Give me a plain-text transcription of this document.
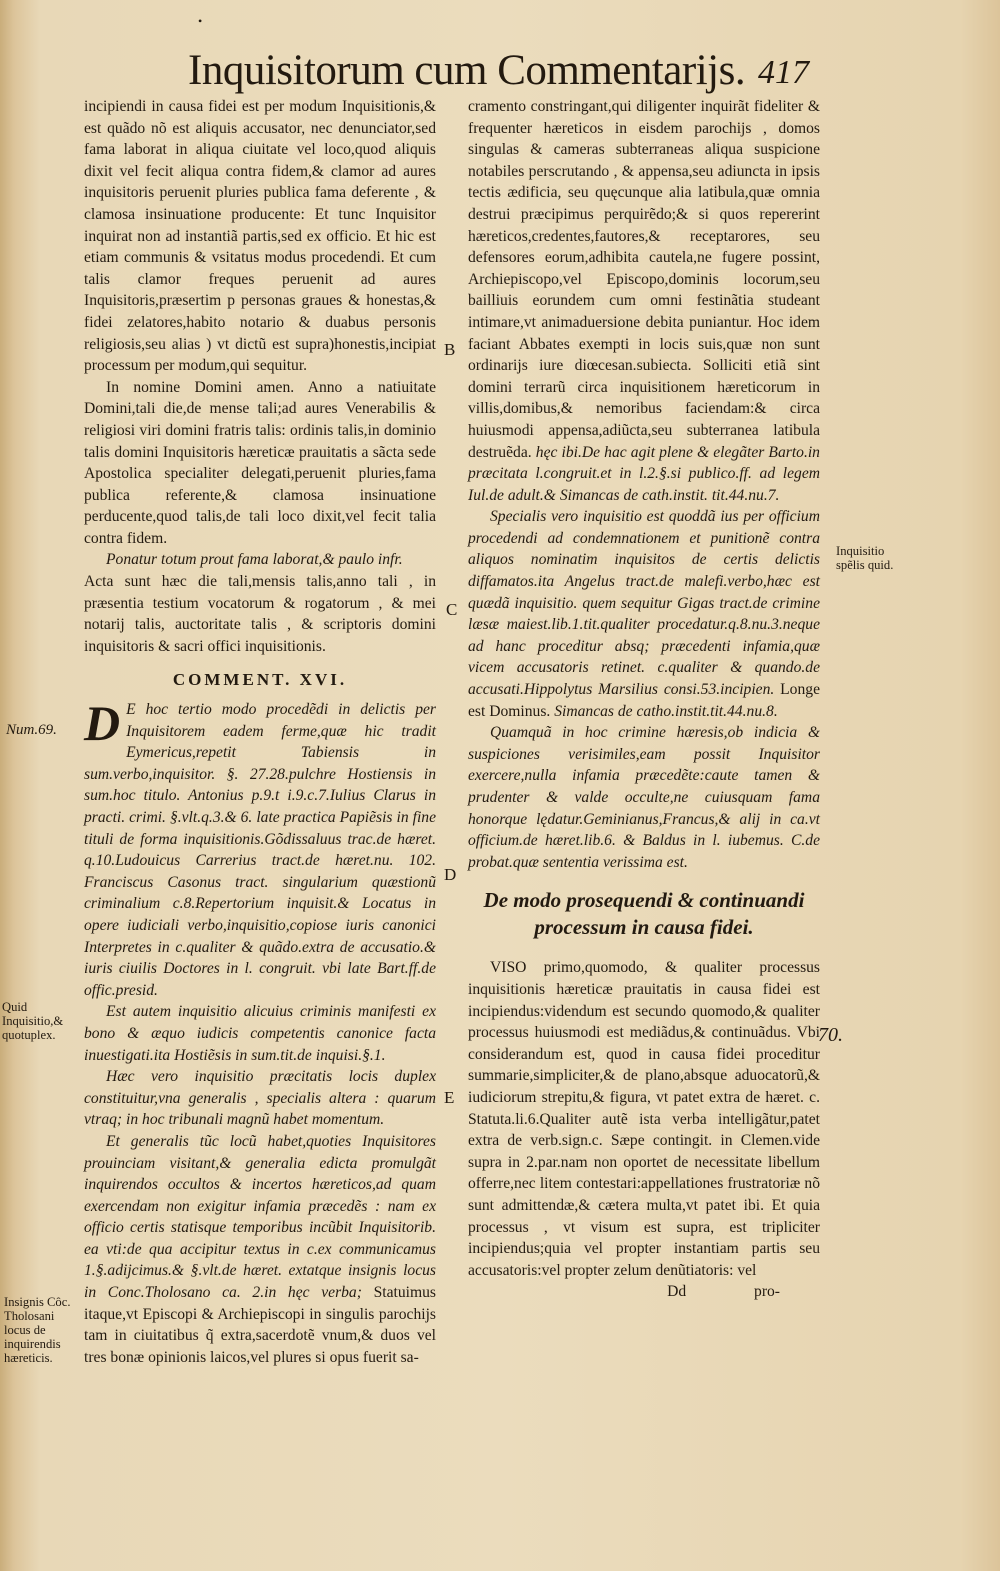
Inquisitorum cum Commentarijs. 417
•

incipiendi in causa fidei est per modum Inquisitionis,& est quãdo nõ est aliquis accusator, nec denunciator,sed fama laborat in aliqua ciuitate vel loco,quod aliquis dixit vel fecit aliqua contra fidem,& clamor ad aures inquisitoris peruenit pluries publica fama deferente , & clamosa insinuatione producente: Et tunc Inquisitor inquirat non ad instantiã partis,sed ex officio. Et hic est etiam communis & vsitatus modus procedendi. Et cum talis clamor freques peruenit ad aures Inquisitoris,præsertim p personas graues & honestas,& fidei zelatores,habito notario & duabus personis religiosis,seu alias ) vt dictũ est supra)honestis,incipiat processum per modum,qui sequitur.

In nomine Domini amen. Anno a natiuitate Domini,tali die,de mense tali;ad aures Venerabilis & religiosi viri domini fratris talis: ordinis talis,in dominio talis domini Inquisitoris hæreticæ prauitatis a sãcta sede Apostolica specialiter delegati,peruenit pluries,fama publica referente,& clamosa insinuatione perducente,quod talis,de tali loco dixit,vel fecit talia contra fidem.

Ponatur totum prout fama laborat,& paulo infr.

Acta sunt hæc die tali,mensis talis,anno tali , in præsentia testium vocatorum & rogatorum , & mei notarij talis, auctoritate talis , & scriptoris domini inquisitoris & sacri offici inquisitionis.

COMMENT. XVI.

D E hoc tertio modo procedẽdi in delictis per Inquisitorem eadem ferme,quæ hic tradit Eymericus,repetit Tabiensis in sum.verbo,inquisitor. §. 27.28.pulchre Hostiensis in sum.hoc titulo. Antonius p.9.t i.9.c.7.Iulius Clarus in practi. crimi. §.vlt.q.3.& 6. late practica Papiẽsis in fine tituli de forma inquisitionis.Gõdissaluus trac.de hæret. q.10.Ludouicus Carrerius tract.de hæret.nu. 102. Franciscus Casonus tract. singularium quæstionũ criminalium c.8.Repertorium inquisit.& Locatus in opere iudiciali verbo,inquisitio,copiose iuris canonici Interpretes in c.qualiter & quãdo.extra de accusatio.& iuris ciuilis Doctores in l. congruit. vbi late Bart.ff.de offic.presid.

Est autem inquisitio alicuius criminis manifesti ex bono & æquo iudicis competentis canonice facta inuestigati.ita Hostiẽsis in sum.tit.de inquisi.§.1.

Hæc vero inquisitio præcitatis locis duplex constituitur,vna generalis , specialis altera : quarum vtraq; in hoc tribunali magnũ habet momentum.

Et generalis tũc locũ habet,quoties Inquisitores prouinciam visitant,& generalia edicta promulgãt inquirendos occultos & incertos hæreticos,ad quam exercendam non exigitur infamia præcedẽs : nam ex officio certis statisque temporibus incũbit Inquisitorib. ea vti:de qua accipitur textus in c.ex communicamus 1.§.adijcimus.& §.vlt.de hæret. extatque insignis locus in Conc.Tholosano ca. 2.in hęc verba; Statuimus itaque,vt Episcopi & Archiepiscopi in singulis parochijs tam in ciuitatibus q̃ extra,sacerdotẽ vnum,& duos vel tres bonæ opinionis laicos,vel plures si opus fuerit sa-

cramento constringant,qui diligenter inquirãt fideliter & frequenter hæreticos in eisdem parochijs , domos singulas & cameras subterraneas aliqua suspicione notabiles perscrutando , & appensa,seu adiuncta in ipsis tectis ædificia, seu quęcunque alia latibula,quæ omnia destrui præcipimus perquirẽdo;& si quos repererint hæreticos,credentes,fautores,& receptarores, seu defensores eorum,adhibita cautela,ne fugere possint, Archiepiscopo,vel Episcopo,dominis locorum,seu bailliuis eorundem cum omni festinãtia studeant intimare,vt animaduersione debita puniantur. Hoc idem faciant Abbates exempti in locis suis,quæ non sunt ordinarijs iure diœcesan.subiecta. Solliciti etiã sint domini terrarũ circa inquisitionem hæreticorum in villis,domibus,& nemoribus faciendam:& circa huiusmodi appensa,adiũcta,seu subterranea latibula destruẽda. hęc ibi.De hac agit plene & elegãter Barto.in præcitata l.congruit.et in l.2.§.si publico.ff. ad legem Iul.de adult.& Simancas de cath.instit. tit.44.nu.7.

Specialis vero inquisitio est quoddã ius per officium procedendi ad condemnationem et punitionẽ contra aliquos nominatim inquisitos de certis delictis diffamatos.ita Angelus tract.de malefi.verbo,hæc est quædã inquisitio. quem sequitur Gigas tract.de crimine læsæ maiest.lib.1.tit.qualiter procedatur.q.8.nu.3.neque ad hanc proceditur absq; præcedenti infamia,quæ vicem accusatoris retinet. c.qualiter & quando.de accusati.Hippolytus Marsilius consi.53.incipien. Longe est Dominus. Simancas de catho.instit.tit.44.nu.8.

Quamquã in hoc crimine hæresis,ob indicia & suspiciones verisimiles,eam possit Inquisitor exercere,nulla infamia præcedẽte:caute tamen & prudenter & valde occulte,ne cuiusquam fama honorque lędatur.Geminianus,Francus,& alij in ca.vt officium.de hæret.lib.6. & Baldus in l. iubemus. C.de probat.quæ sententia verissima est.

De modo prosequendi & continuandi processum in causa fidei.

VISO primo,quomodo, & qualiter processus inquisitionis hæreticæ prauitatis in causa fidei est incipiendus:videndum est secundo quomodo,& qualiter processus huiusmodi est mediãdus,& continuãdus. Vbi considerandum est, quod in causa fidei proceditur summarie,simpliciter,& de plano,absque aduocatorũ,& iudiciorum strepitu,& figura, vt patet extra de hæret. c. Statuta.li.6.Qualiter autẽ ista verba intelligãtur,patet extra de verb.sign.c. Sæpe contingit. in Clemen.vide supra in 2.par.nam non oportet de necessitate libellum offerre,nec litem contestari:appellationes frustratoriæ nõ sunt admittendæ,& cætera multa,vt patet ibi. Et quia processus , vt visum est supra, est tripliciter incipiendus;quia vel propter instantiam partis seu accusatoris:vel propter zelum denũtiatoris: vel

Dd	pro-
Num.69.
Quid Inquisitio,& quotuplex.
Insignis Côc. Tholosani locus de inquirendis hæreticis.
Inquisitio spẽlis quid.
70.
B
C
D
E
